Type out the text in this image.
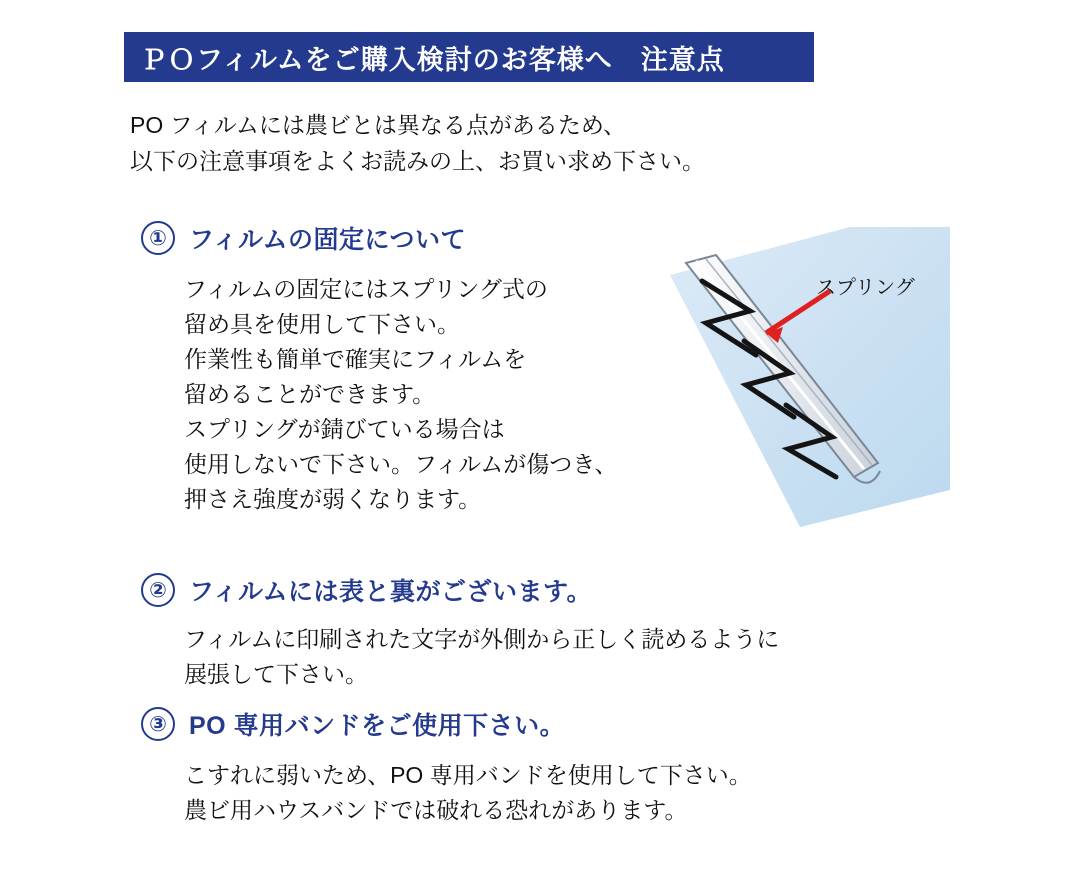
ＰＯフィルムをご購入検討のお客様へ　注意点
PO フィルムには農ビとは異なる点があるため、
以下の注意事項をよくお読みの上、お買い求め下さい。
① フィルムの固定について
フィルムの固定にはスプリング式の
留め具を使用して下さい。
作業性も簡単で確実にフィルムを
留めることができます。
スプリングが錆びている場合は
使用しないで下さい。フィルムが傷つき、
押さえ強度が弱くなります。
スプリング
② フィルムには表と裏がございます。
フィルムに印刷された文字が外側から正しく読めるように
展張して下さい。
③ PO 専用バンドをご使用下さい。
こすれに弱いため、PO 専用バンドを使用して下さい。
農ビ用ハウスバンドでは破れる恐れがあります。
